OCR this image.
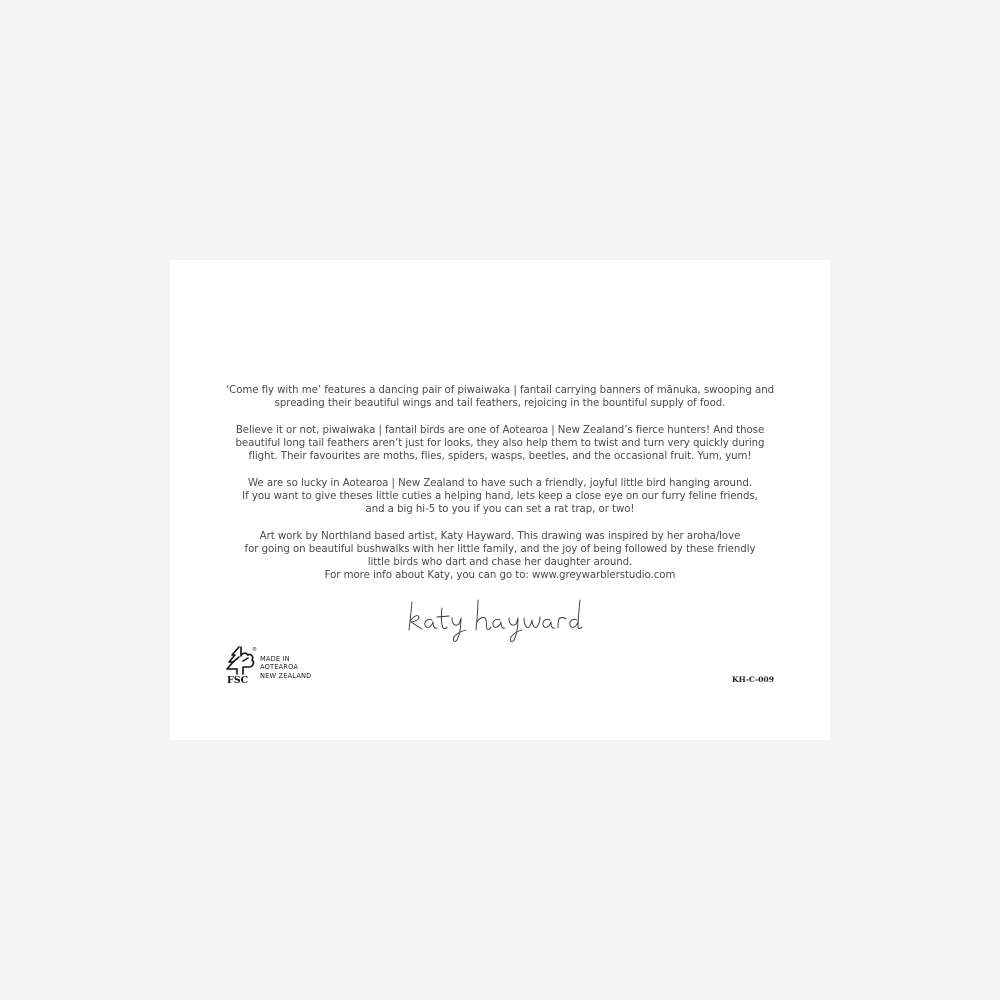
‘Come fly with me’ features a dancing pair of piwaiwaka | fantail carrying banners of mānuka, swooping and
spreading their beautiful wings and tail feathers, rejoicing in the bountiful supply of food.

Believe it or not, piwaiwaka | fantail birds are one of Aotearoa | New Zealand’s fierce hunters! And those
beautiful long tail feathers aren’t just for looks, they also help them to twist and turn very quickly during
flight. Their favourites are moths, flies, spiders, wasps, beetles, and the occasional fruit. Yum, yum!

We are so lucky in Aotearoa | New Zealand to have such a friendly, joyful little bird hanging around.
If you want to give theses little cuties a helping hand, lets keep a close eye on our furry feline friends,
and a big hi-5 to you if you can set a rat trap, or two!

Art work by Northland based artist, Katy Hayward. This drawing was inspired by her aroha/love
for going on beautiful bushwalks with her little family, and the joy of being followed by these friendly
little birds who dart and chase her daughter around.
For more info about Katy, you can go to: www.greywarblerstudio.com

®
FSC
MADE IN
AOTEAROA
NEW ZEALAND	KH-C-009
